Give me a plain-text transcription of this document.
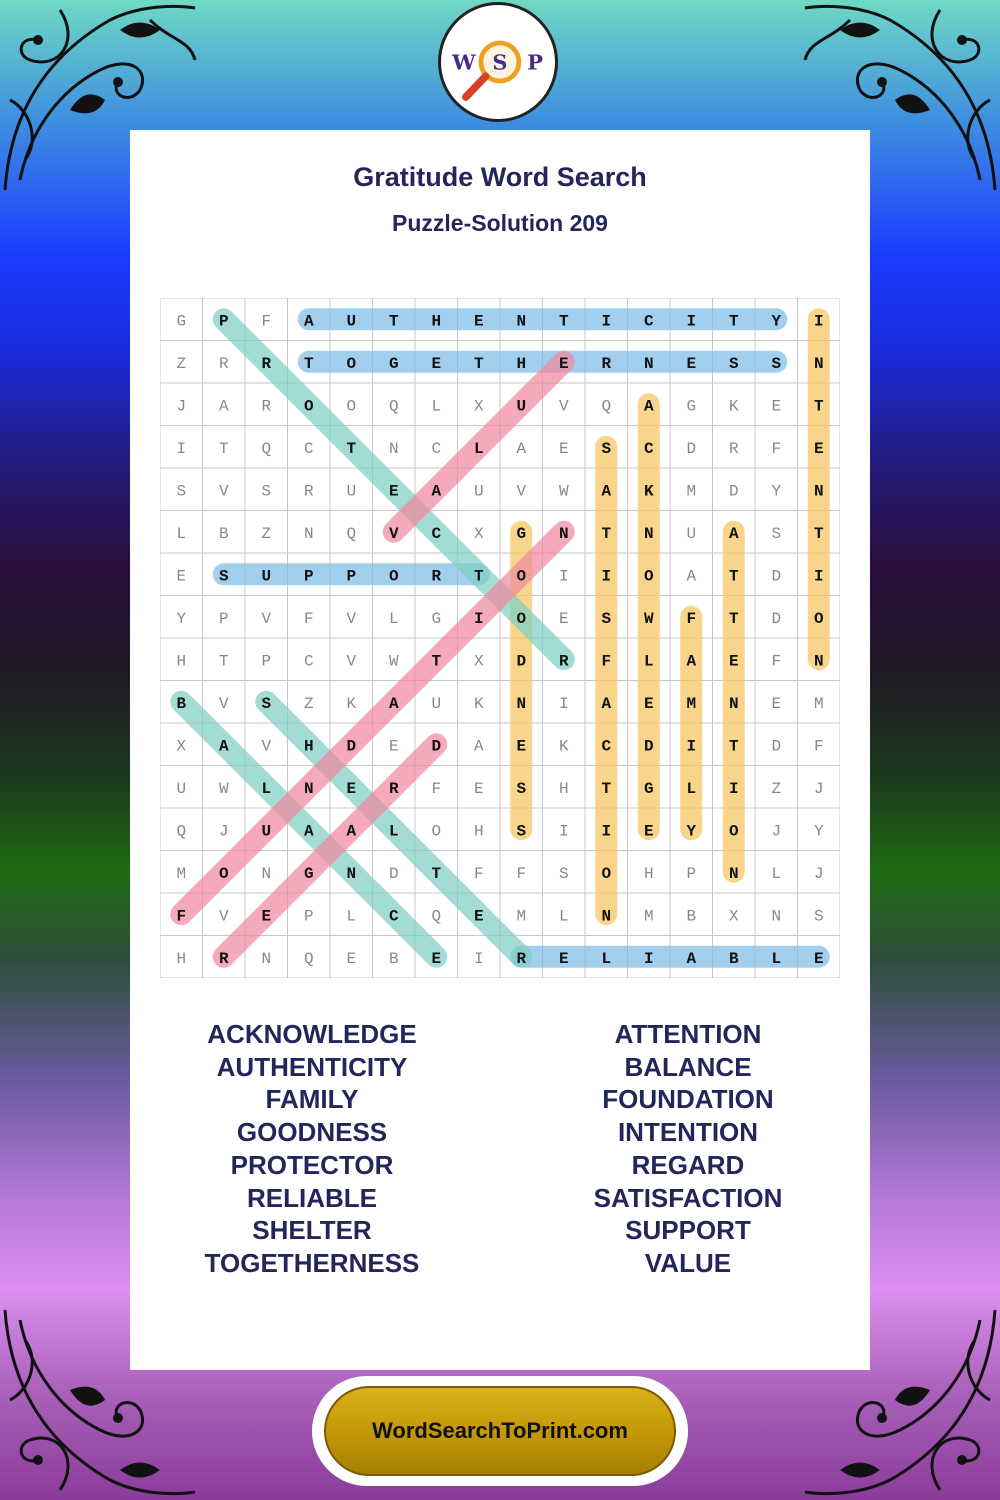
W S P
Gratitude Word Search
Puzzle-Solution 209
G P F A U T H E N T I C I T Y I
Z R R T O G E T H E R N E S S N
J A R O O Q L X U V Q A G K E T
I T Q C T N C L A E S C D R F E
S V S R U E A U V W A K M D Y N
L B Z N Q V C X G N T N U A S T
E S U P P O R T O I I O A T D I
Y P V F V L G I O E S W F T D O
H T P C V W T X D R F L A E F N
B V S Z K A U K N I A E M N E M
X A V H D E D A E K C D I T D F
U W L N E R F E S H T G L I Z J
Q J U A A L O H S I I E Y O J Y
M O N G N D T F F S O H P N L J
F V E P L C Q E M L N M B X N S
H R N Q E B E I R E L I A B L E
ACKNOWLEDGE
AUTHENTICITY
FAMILY
GOODNESS
PROTECTOR
RELIABLE
SHELTER
TOGETHERNESS
ATTENTION
BALANCE
FOUNDATION
INTENTION
REGARD
SATISFACTION
SUPPORT
VALUE
WordSearchToPrint.com
